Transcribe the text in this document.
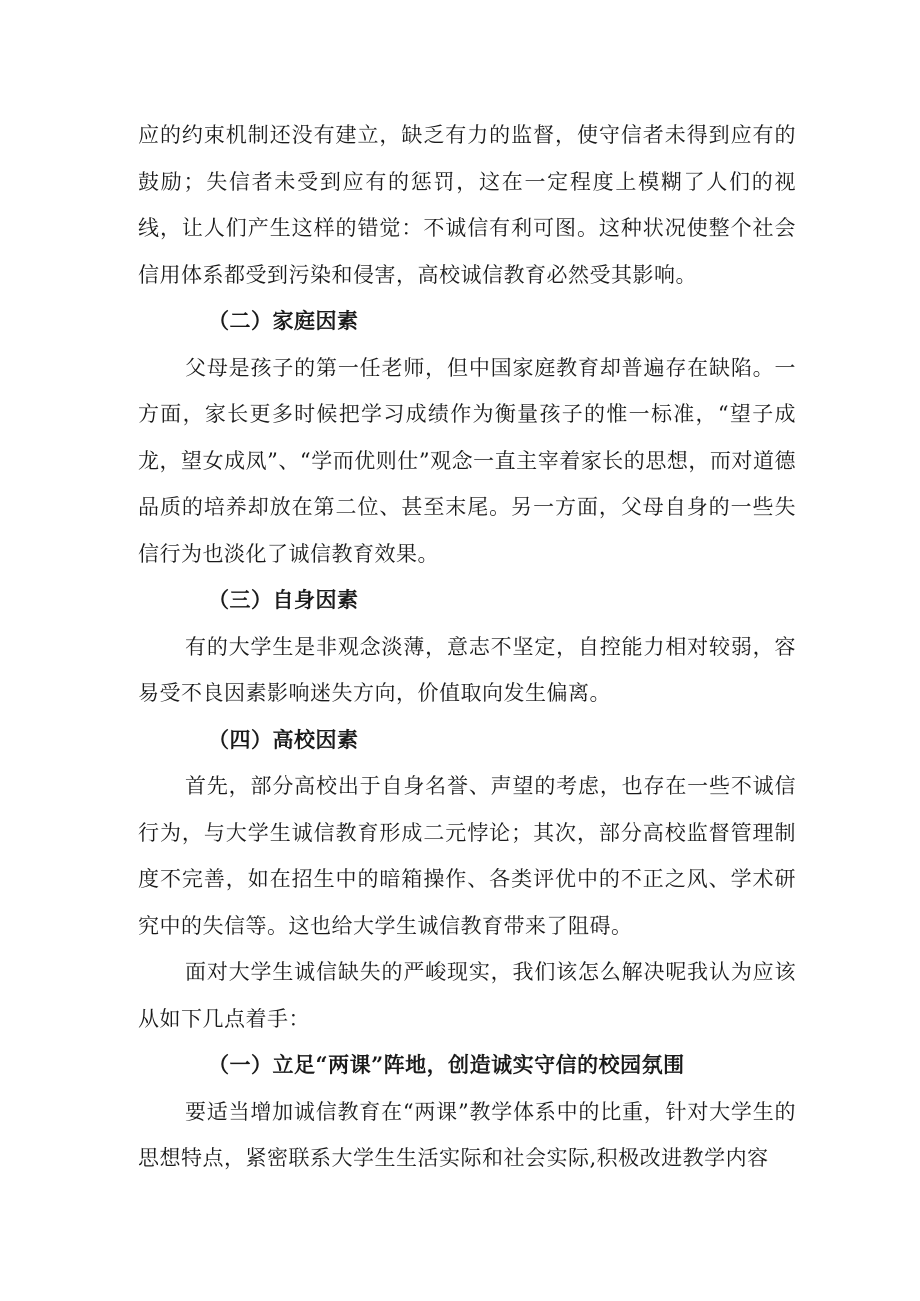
应的约束机制还没有建立，缺乏有力的监督，使守信者未得到应有的鼓励；失信者未受到应有的惩罚，这在一定程度上模糊了人们的视线，让人们产生这样的错觉：不诚信有利可图。这种状况使整个社会信用体系都受到污染和侵害，高校诚信教育必然受其影响。

（二）家庭因素

父母是孩子的第一任老师，但中国家庭教育却普遍存在缺陷。一方面，家长更多时候把学习成绩作为衡量孩子的惟一标准，“望子成龙，望女成凤”、“学而优则仕”观念一直主宰着家长的思想，而对道德品质的培养却放在第二位、甚至末尾。另一方面，父母自身的一些失信行为也淡化了诚信教育效果。

（三）自身因素

有的大学生是非观念淡薄，意志不坚定，自控能力相对较弱，容易受不良因素影响迷失方向，价值取向发生偏离。

（四）高校因素

首先，部分高校出于自身名誉、声望的考虑，也存在一些不诚信行为，与大学生诚信教育形成二元悖论；其次，部分高校监督管理制度不完善，如在招生中的暗箱操作、各类评优中的不正之风、学术研究中的失信等。这也给大学生诚信教育带来了阻碍。

面对大学生诚信缺失的严峻现实，我们该怎么解决呢我认为应该从如下几点着手：

（一）立足“两课”阵地，创造诚实守信的校园氛围

要适当增加诚信教育在“两课”教学体系中的比重，针对大学生的思想特点，紧密联系大学生生活实际和社会实际,积极改进教学内容
